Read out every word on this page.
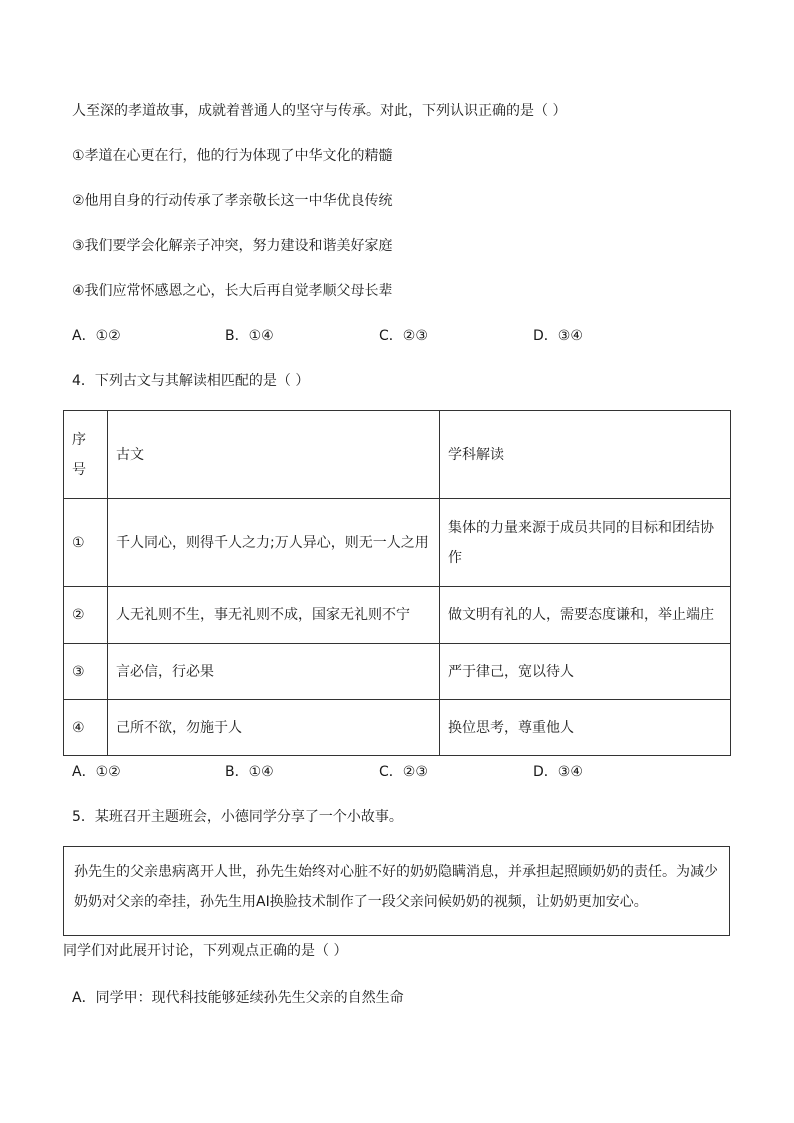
人至深的孝道故事，成就着普通人的坚守与传承。对此，下列认识正确的是（ ）
①孝道在心更在行，他的行为体现了中华文化的精髓
②他用自身的行动传承了孝亲敬长这一中华优良传统
③我们要学会化解亲子冲突，努力建设和谐美好家庭
④我们应常怀感恩之心，长大后再自觉孝顺父母长辈
A．①②	B．①④	C．②③	D．③④
4．下列古文与其解读相匹配的是（ ）
序号	古文	学科解读
①	千人同心，则得千人之力;万人异心，则无一人之用	集体的力量来源于成员共同的目标和团结协作
②	人无礼则不生，事无礼则不成，国家无礼则不宁	做文明有礼的人，需要态度谦和，举止端庄
③	言必信，行必果	严于律己，宽以待人
④	己所不欲，勿施于人	换位思考，尊重他人
A．①②	B．①④	C．②③	D．③④
5．某班召开主题班会，小德同学分享了一个小故事。
孙先生的父亲患病离开人世，孙先生始终对心脏不好的奶奶隐瞒消息，并承担起照顾奶奶的责任。为减少奶奶对父亲的牵挂，孙先生用AI换脸技术制作了一段父亲问候奶奶的视频，让奶奶更加安心。
同学们对此展开讨论，下列观点正确的是（ ）
A．同学甲：现代科技能够延续孙先生父亲的自然生命
